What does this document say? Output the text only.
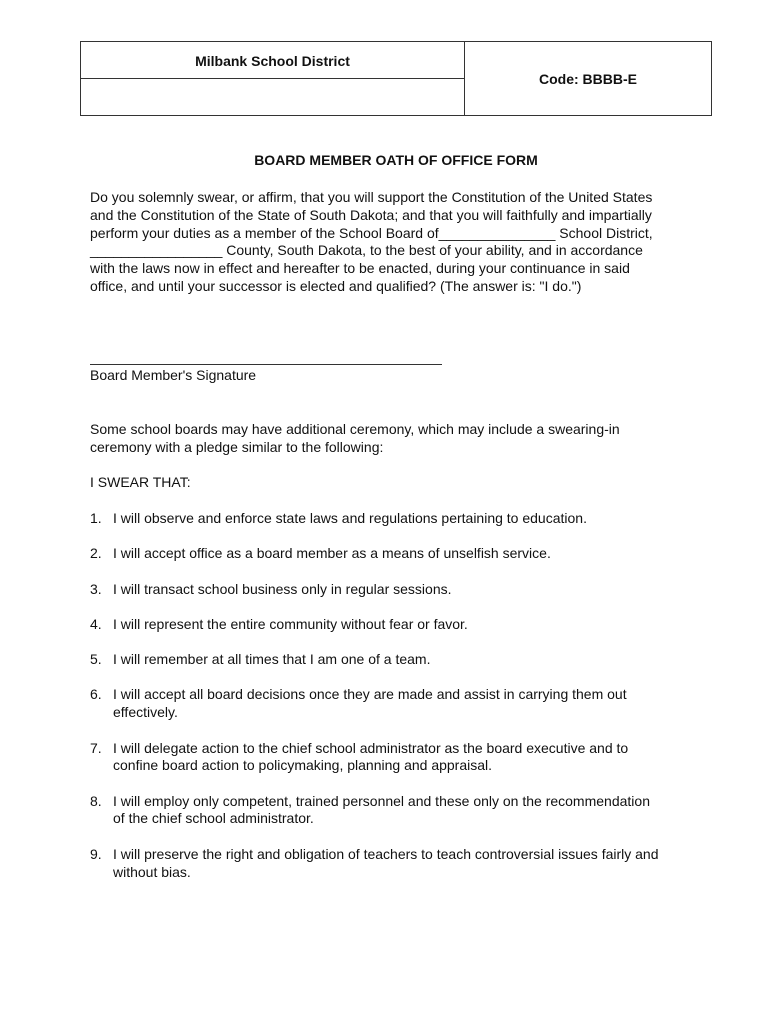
Milbank School District
Code: BBBB-E
BOARD MEMBER OATH OF OFFICE FORM
Do you solemnly swear, or affirm, that you will support the Constitution of the United States
and the Constitution of the State of South Dakota; and that you will faithfully and impartially
perform your duties as a member of the School Board of_______________ School District,
_________________ County, South Dakota, to the best of your ability, and in accordance
with the laws now in effect and hereafter to be enacted, during your continuance in said
office, and until your successor is elected and qualified? (The answer is: "I do.")
Board Member's Signature
Some school boards may have additional ceremony, which may include a swearing-in
ceremony with a pledge similar to the following:
I SWEAR THAT:
1. I will observe and enforce state laws and regulations pertaining to education.
2. I will accept office as a board member as a means of unselfish service.
3. I will transact school business only in regular sessions.
4. I will represent the entire community without fear or favor.
5. I will remember at all times that I am one of a team.
6. I will accept all board decisions once they are made and assist in carrying them out
effectively.
7. I will delegate action to the chief school administrator as the board executive and to
confine board action to policymaking, planning and appraisal.
8. I will employ only competent, trained personnel and these only on the recommendation
of the chief school administrator.
9. I will preserve the right and obligation of teachers to teach controversial issues fairly and
without bias.
